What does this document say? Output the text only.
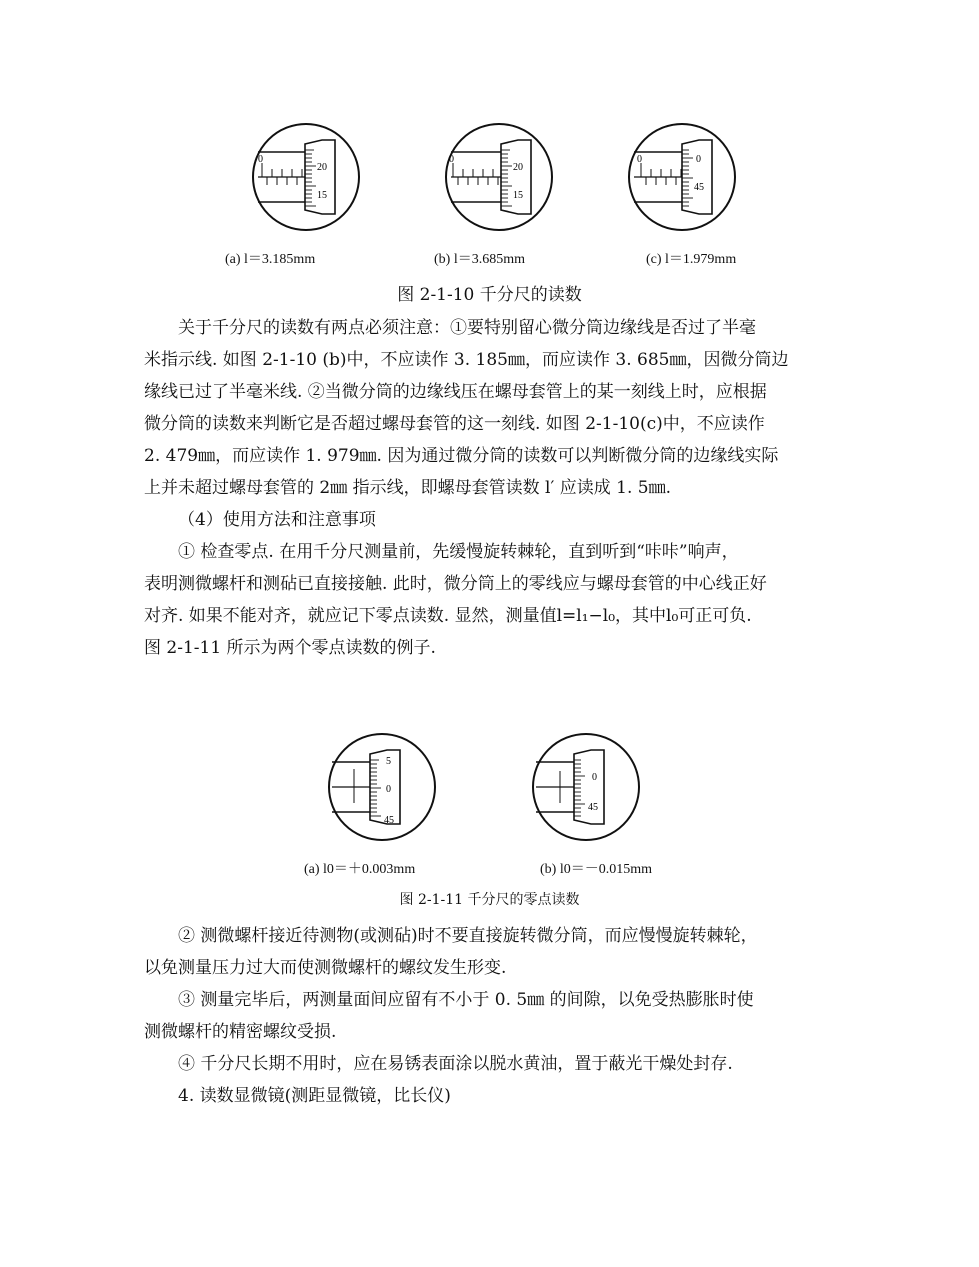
0
20
15
0
20
15
0	0
45
(a) l＝3.185mm	(b) l＝3.685mm	(c) l＝1.979mm
图 2-1-10 千分尺的读数
关于千分尺的读数有两点必须注意：①要特别留心微分筒边缘线是否过了半毫
米指示线. 如图 2-1-10 (b)中，不应读作 3. 185㎜，而应读作 3. 685㎜，因微分筒边
缘线已过了半毫米线. ②当微分筒的边缘线压在螺母套管上的某一刻线上时，应根据
微分筒的读数来判断它是否超过螺母套管的这一刻线. 如图 2-1-10(c)中，不应读作
2. 479㎜，而应读作 1. 979㎜. 因为通过微分筒的读数可以判断微分筒的边缘线实际
上并未超过螺母套管的 2㎜ 指示线，即螺母套管读数 l′ 应读成 1. 5㎜.
（4）使用方法和注意事项
① 检查零点. 在用千分尺测量前，先缓慢旋转棘轮，直到听到“咔咔”响声，
表明测微螺杆和测砧已直接接触. 此时，微分筒上的零线应与螺母套管的中心线正好
对齐. 如果不能对齐，就应记下零点读数. 显然，测量值l=l₁−l₀，其中l₀可正可负.
图 2-1-11 所示为两个零点读数的例子.
5
0
45
0
45
(a) l0＝＋0.003mm	(b) l0＝－0.015mm
图 2-1-11 千分尺的零点读数
② 测微螺杆接近待测物(或测砧)时不要直接旋转微分筒，而应慢慢旋转棘轮，
以免测量压力过大而使测微螺杆的螺纹发生形变.
③ 测量完毕后，两测量面间应留有不小于 0. 5㎜ 的间隙，以免受热膨胀时使
测微螺杆的精密螺纹受损.
④ 千分尺长期不用时，应在易锈表面涂以脱水黄油，置于蔽光干燥处封存.
4. 读数显微镜(测距显微镜，比长仪)
